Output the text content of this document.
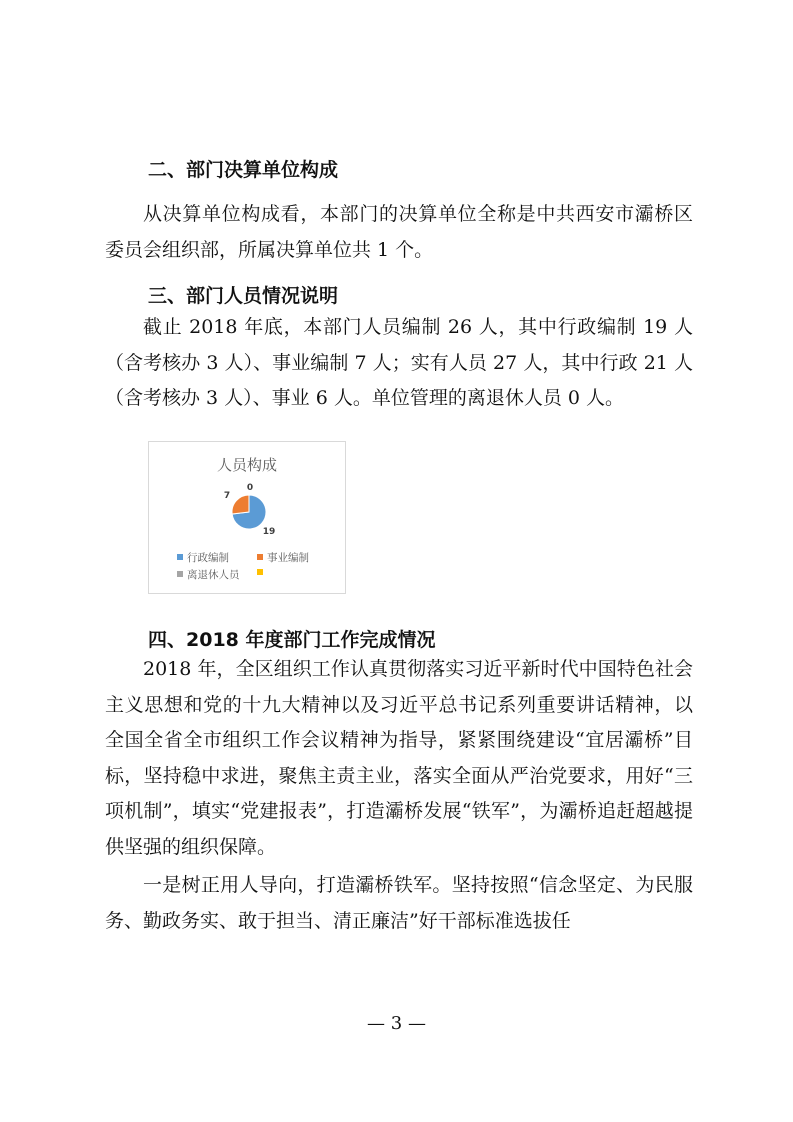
二、部门决算单位构成

从决算单位构成看，本部门的决算单位全称是中共西安市灞桥区委员会组织部，所属决算单位共 1 个。

三、部门人员情况说明

截止 2018 年底，本部门人员编制 26 人，其中行政编制 19 人（含考核办 3 人）、事业编制 7 人；实有人员 27 人，其中行政 21 人（含考核办 3 人）、事业 6 人。单位管理的离退休人员 0 人。

人员构成
19
7
0
行政编制	事业编制
离退休人员
四、2018 年度部门工作完成情况

2018 年，全区组织工作认真贯彻落实习近平新时代中国特色社会主义思想和党的十九大精神以及习近平总书记系列重要讲话精神，以全国全省全市组织工作会议精神为指导，紧紧围绕建设“宜居灞桥”目标，坚持稳中求进，聚焦主责主业，落实全面从严治党要求，用好“三项机制”，填实“党建报表”，打造灞桥发展“铁军”，为灞桥追赶超越提供坚强的组织保障。

一是树正用人导向，打造灞桥铁军。坚持按照“信念坚定、为民服务、勤政务实、敢于担当、清正廉洁”好干部标准选拔任

— 3 —
